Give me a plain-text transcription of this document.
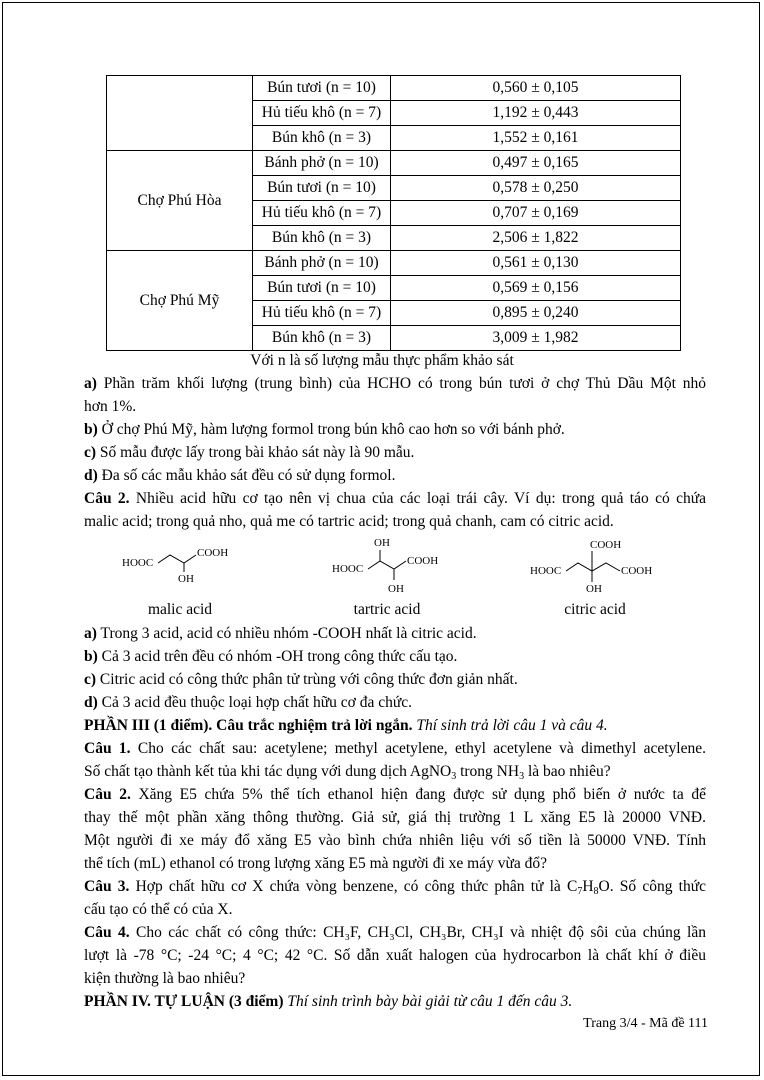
	Bún tươi (n = 10)	0,560 ± 0,105
	Hủ tiếu khô (n = 7)	1,192 ± 0,443
	Bún khô (n = 3)	1,552 ± 0,161
Chợ Phú Hòa	Bánh phở (n = 10)	0,497 ± 0,165
	Bún tươi (n = 10)	0,578 ± 0,250
	Hủ tiếu khô (n = 7)	0,707 ± 0,169
	Bún khô (n = 3)	2,506 ± 1,822
Chợ Phú Mỹ	Bánh phở (n = 10)	0,561 ± 0,130
	Bún tươi (n = 10)	0,569 ± 0,156
	Hủ tiếu khô (n = 7)	0,895 ± 0,240
	Bún khô (n = 3)	3,009 ± 1,982
Với n là số lượng mẫu thực phẩm khảo sát
a) Phần trăm khối lượng (trung bình) của HCHO có trong bún tươi ở chợ Thủ Dầu Một nhỏ
hơn 1%.
b) Ở chợ Phú Mỹ, hàm lượng formol trong bún khô cao hơn so với bánh phở.
c) Số mẫu được lấy trong bài khảo sát này là 90 mẫu.
d) Đa số các mẫu khảo sát đều có sử dụng formol.
Câu 2. Nhiều acid hữu cơ tạo nên vị chua của các loại trái cây. Ví dụ: trong quả táo có chứa
malic acid; trong quả nho, quả me có tartric acid; trong quả chanh, cam có citric acid.
HOOC
COOH
OH
malic acid
OH
HOOC
COOH
OH
tartric acid
COOH
HOOC	COOH
OH
citric acid
a) Trong 3 acid, acid có nhiều nhóm -COOH nhất là citric acid.
b) Cả 3 acid trên đều có nhóm -OH trong công thức cấu tạo.
c) Citric acid có công thức phân tử trùng với công thức đơn giản nhất.
d) Cả 3 acid đều thuộc loại hợp chất hữu cơ đa chức.
PHẦN III (1 điểm). Câu trắc nghiệm trả lời ngắn. Thí sinh trả lời câu 1 và câu 4.
Câu 1. Cho các chất sau: acetylene; methyl acetylene, ethyl acetylene và dimethyl acetylene.
Số chất tạo thành kết tủa khi tác dụng với dung dịch AgNO$_3$ trong $NH_3$ là bao nhiêu?
Câu 2. Xăng E5 chứa 5% thể tích ethanol hiện đang được sử dụng phổ biến ở nước ta để
thay thế một phần xăng thông thường. Giả sử, giá thị trường 1 L xăng E5 là 20000 VNĐ.
Một người đi xe máy đổ xăng E5 vào bình chứa nhiên liệu với số tiền là 50000 VNĐ. Tính
thể tích (mL) ethanol có trong lượng xăng E5 mà người đi xe máy vừa đổ?
Câu 3. Hợp chất hữu cơ X chứa vòng benzene, có công thức phân tử là $C_7H_8O$. Số công thức
cấu tạo có thể có của X.
Câu 4. Cho các chất có công thức: CH₃F, CH₃Cl, CH₃Br, CH₃I và nhiệt độ sôi của chúng lần
lượt là -78 °C; -24 °C; 4 °C; 42 °C. Số dẫn xuất halogen của hydrocarbon là chất khí ở điều
kiện thường là bao nhiêu?
PHẦN IV. TỰ LUẬN (3 điểm) Thí sinh trình bày bài giải từ câu 1 đến câu 3.
Trang 3/4 - Mã đề 111
